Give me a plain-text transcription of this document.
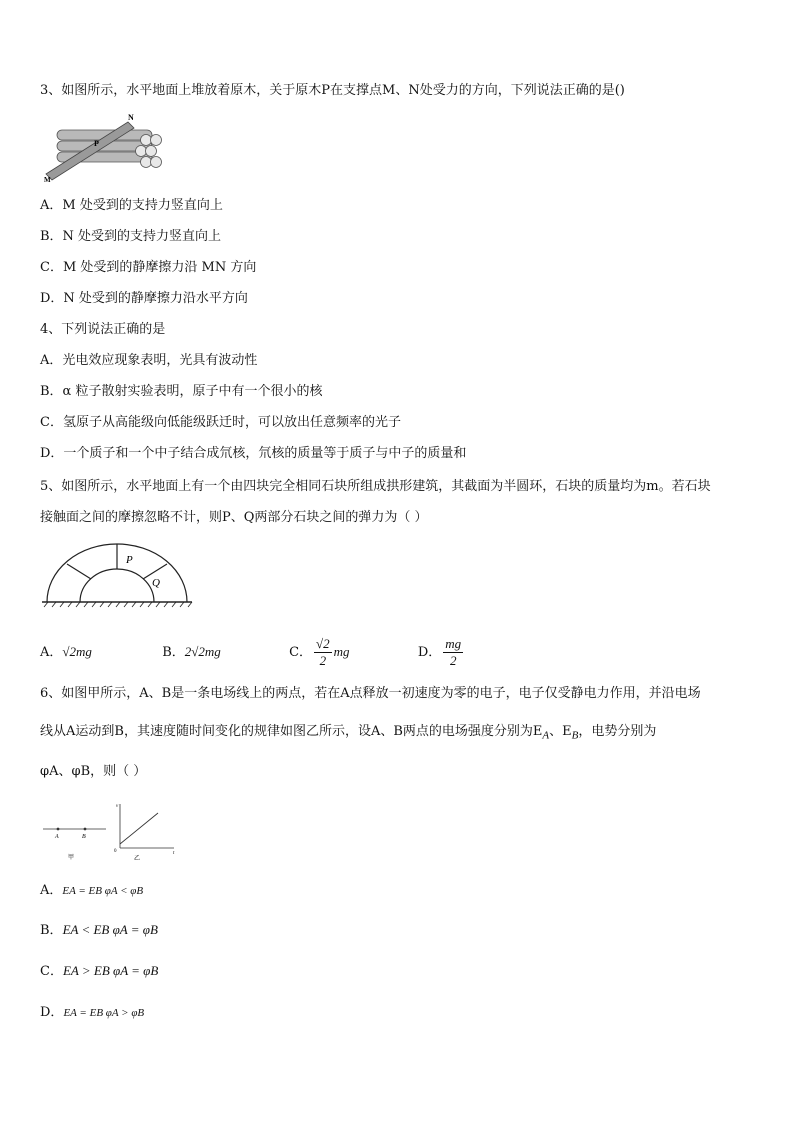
3、如图所示，水平地面上堆放着原木，关于原木P在支撑点M、N处受力的方向，下列说法正确的是()
N
P
M
A．M 处受到的支持力竖直向上
B．N 处受到的支持力竖直向上
C．M 处受到的静摩擦力沿 MN 方向
D．N 处受到的静摩擦力沿水平方向
4、下列说法正确的是
A．光电效应现象表明，光具有波动性
B．α 粒子散射实验表明，原子中有一个很小的核
C．氢原子从高能级向低能级跃迁时，可以放出任意频率的光子
D．一个质子和一个中子结合成氘核，氘核的质量等于质子与中子的质量和
5、如图所示，水平地面上有一个由四块完全相同石块所组成拱形建筑，其截面为半圆环，石块的质量均为m。若石块
接触面之间的摩擦忽略不计，则P、Q两部分石块之间的弹力为（ ）
P
Q
A．√2mg	B．2√2mg	C． $\frac{√2}{2}$ mg	D． $\frac{mg}{2}$
6、如图甲所示，A、B是一条电场线上的两点，若在A点释放一初速度为零的电子，电子仅受静电力作用，并沿电场
线从A运动到B，其速度随时间变化的规律如图乙所示，设A、B两点的电场强度分别为$E_A$、$E_B$，电势分别为
φA、φB，则（ ）
A	B
甲
v
t
0
乙
A．EA = EB φA < φB
B．EA < EB φA = φB
C．EA > EB φA = φB
D．EA = EB φA > φB
